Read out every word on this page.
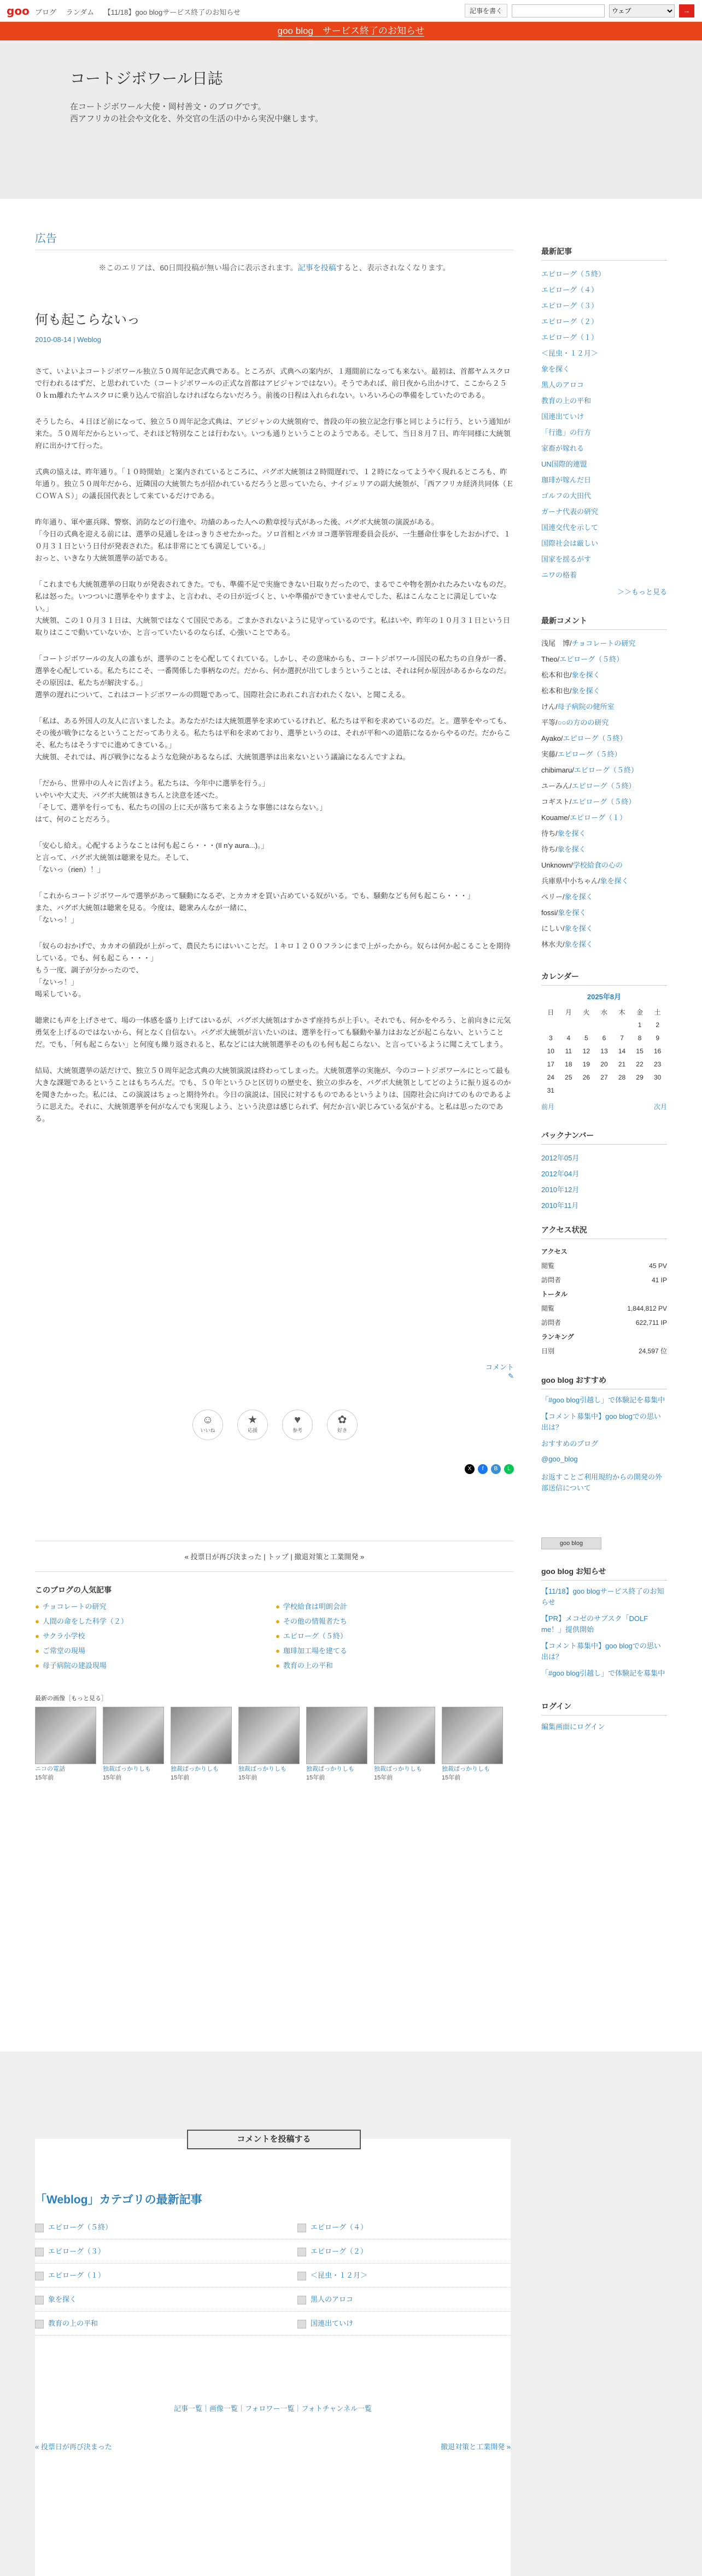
goo ブログ ランダム 【11/18】goo blogサービス終了のお知らせ	記事を書く
ウェブ	→
goo blog　サービス終了のお知らせ
コートジボワール日誌

在コートジボワール大使・岡村善文・のブログです。

西アフリカの社会や文化を、外交官の生活の中から実況中継します。

広告
※このエリアは、60日間投稿が無い場合に表示されます。記事を投稿すると、表示されなくなります。
何も起こらないっ
2010-08-14 | Weblog

さて、いよいよコートジボワール独立５０周年記念式典である。ところが、式典への案内が、１週間前になっても来ない。最初は、首都ヤムスクロで行われるはずだ、と思われていた（コートジボワールの正式な首都はアビジャンではない）。そうであれば、前日夜から出かけて、ここから２５０ｋｍ離れたヤムスクロに乗り込んで宿泊しなければならないだろう。前後の日程は入れられない。いろいろ心の準備をしていたのである。

そうしたら、４日ほど前になって、独立５０周年記念式典は、アビジャンの大統領府で、普段の年の独立記念行事と同じように行う、という通知が来た。５０周年だからといって、それほど特別なことは行わない。いつも通りということのようである。そして、当日８月７日、昨年同様に大統領府に出かけて行った。

式典の協えは、昨年通り。「１０時開始」と案内されているところに、バグボ大統領は２時間遅れで、１２時になってようやく現れるところも、昨年通り。独立５０周年だから、近隣国の大統領たちが招かれているだろうと思っていたら、ナイジェリアの副大統領が、「西アフリカ経済共同体（ＥＣＯＷＡＳ）」の議長国代表として来ているだけである。

昨年通り、軍や憲兵隊、警察、消防などの行進や、功績のあった人への勲章授与式があった後、バグボ大統領の演説がある。
「今日の式典を迎える前には、選挙の見通しをはっきりさせたかった。ソロ首相とバカヨコ選挙管理委員会長が、一生懸命仕事をしたおかげで、１０月３１日という日付が発表された。私は非常にとても満足している。」
おっと、いきなり大統領選挙の話である。

「これまでも大統領選挙の日取りが発表されてきた。でも、準備不足で実施できない日取りだったので、まるでこや物を割かれたみたいなものだ。私は怒った。いつついに選挙をやりますよ、と言われ、その日が近づくと、いや準備ができていませんでした、私はこんなことに満足していない。」
大統領、この１０月３１日は、大統領ではなくて国民である。ごまかされないように見守っているのです。私はいや、昨年の１０月３１日という日取りはここで動いていないか、と言っていたいるのならば、心強いことである。

「コートジボワールの友人の誰もが、選挙のことを心配してくれている。しかし、その意味からも、コートジボワール国民の私たちの自身が一番、選挙を心配している。私たちにこそ、一番関係した事柄なのだ。だから、何か選択が出てしまうということは、それは何か原因があるからなのだ。その原因は、私たちが解決する。」
選挙の遅れについて、これはコートジボワールの問題であって、国際社会にあれこれ言われたくない、と聞こえる。

「私は、ある外国人の友人に言いましたよ。あなたがたは大統領選挙を求めているけれど、私たちは平和を求めているのだ。と。選挙をやっても、その後が戦争になるということだってありえる。私たちは平和を求めており、選挙というのは、それが平和への道筋になるからやるのだ。だからこそ、私たちはそうすでに進めてきている。」
大統領、それでは、再び戦争になるような危険があるならば、大統領選挙は出来ないという議論になるんですよね。

「だから、世界中の人々に告げよう。私たちは、今年中に選挙を行う。」
いやいや大丈夫、バグボ大統領はきちんと決意を述べた。
「そして、選挙を行っても、私たちの国の上に天が落ちて来るような事態にはならない。」
はて、何のことだろう。

「安心し給え。心配するようなことは何も起こら・・・(Il n'y aura...)。」
と言って、バグボ大統領は聴衆を見た。そして、
「ないっ（rien）！」

「これからコートジボワールで選挙があって騒動になるぞ、とカカオを買い占めている奴がいる。でも、騒動なども何も起こら・・・」
また、バグボ大統領は聴衆を見る。今度は、聴衆みんなが一緒に、
「ないっ！」

「奴らのおかげで、カカオの値段が上がって、農民たちにはいいことだ。１キロ１２００フランにまで上がったから。奴らは何か起こることを期待している。でも、何も起こら・・・」
もう一度、調子が分かったので、
「ないっ！」
喝采している。

聴衆にも声を上げさせて、場の一体感を盛り上げてはいるが、バグボ大統領はすかさず座持ちが上手い。それでも、何かをやろう、と前向きに元気勇気を上げるのではないから、何となく自信ない。バグボ大統領が言いたいのは、選挙を行っても騒動や暴力はおなどが起こらない、ということだ。でも、「何も起こらない」と何度も繰り返されると、私などには大統領選挙そのものも何も起こらない、と言っているように聞こえてしまう。

結局、大統領選挙の話だけで、独立５０周年記念式典の大統領演説は終わってしまった。大統領選挙の実施が、今のコートジボワールにとって最も大きな課題であるということはもちろんだ。でも、５０年というひと区切りの歴史を、独立の歩みを、バグボ大統領としてどのように振り返るのかを聞きたかった。私には、この演説はちょっと期待外れ。今日の演説は、国民に対するものであるというよりは、国際社会に向けてのものであるように思えた。それに、大統領選挙を何がなんでも実現しよう、という決意は感じられず、何だか言い訳じみている気がする。と私は思ったのである。

コメント
✎
☺
いいね
★
応援
♥
参考
✿
好き
X	f	B	L
« 投票日が再び決まった | トップ | 撤退対策と工業開発 »
このブログの人気記事
● チョコレートの研究	● 学校給食は明朗会計
● 人間の命をした科学（２）	● その他の情報者たち
● サクラ小学校	● エピローグ（５終）
● ご常堂の現場	● 珈琲加工場を建てる
● 母子病院の建設現場	● 教育の上の平和
最新の画像［もっと見る］
ニコの電話
15年前
独裁ばっかりしも
15年前
独裁ばっかりしも
15年前
独裁ばっかりしも
15年前
独裁ばっかりしも
15年前
独裁ばっかりしも
15年前
独裁ばっかりしも
15年前
最新記事
エピローグ（５終）
エピローグ（４）
エピローグ（３）
エピローグ（２）
エピローグ（１）
＜昆虫・１２月＞
象を探く
黒人のアロコ
教育の上の平和
国連出ていけ
「行進」の行方
家畜が嫁れる
UN国際的連盟
珈琲が嫁んだ日
ゴルフの大田代
ガーナ代表の研究
国連交代を示して
国際社会は厳しい
国家を揺るがす
ニワの格着
＞＞もっと見る
最新コメント
浅尾　博/チョコレートの研究
Theo/エピローグ（５終）
松本和也/象を探く
松本和也/象を探く
けん/母子病院の健所室
平等/○○の方のの研究
Ayako/エピローグ（５終）
実藤/エピローグ（５終）
chibimaru/エピローグ（５終）
ユーみん/エピローグ（５終）
コギスト/エピローグ（５終）
Kouame/エピローグ（１）
待ち/象を探く
待ち/象を探く
Unknown/学校給食の心の
兵庫県中小ちゃん/象を探く
ペリー/象を探く
fossi/象を探く
にしい/象を探く
林水夫/象を探く
カレンダー
2025年8月
日	月	火	水	木	金	土
					1	2
3	4	5	6	7	8	9
10	11	12	13	14	15	16
17	18	19	20	21	22	23
24	25	26	27	28	29	30
31						
前月	次月
バックナンバー
2012年05月
2012年04月
2010年12月
2010年11月
アクセス状況
アクセス
閲覧	45 PV
訪問者	41 IP
トータル
閲覧	1,844,812 PV
訪問者	622,711 IP
ランキング
日別	24,597 位
goo blog おすすめ
「#goo blog引越し」で体験記を募集中
【コメント募集中】goo blogでの思い出は？
おすすめのブログ
@goo_blog
お返すことご利用規約からの開発の外部送信について
goo blog
goo blog お知らせ
【11/18】goo blogサービス終了のお知らせ
【PR】メコゼのサブスク「DOLF me！」提供開始
【コメント募集中】goo blogでの思い出は？
「#goo blog引越し」で体験記を募集中
ログイン
編集画面にログイン
コメントを投稿する
「Weblog」カテゴリの最新記事
エピローグ（５終）	エピローグ（４）
エピローグ（３）	エピローグ（２）
エピローグ（１）	＜昆虫・１２月＞
象を探く	黒人のアロコ
教育の上の平和	国連出ていけ
記事一覧｜画像一覧｜フォロワー一覧｜フォトチャンネル一覧
« 投票日が再び決まった	撤退対策と工業開発 »
